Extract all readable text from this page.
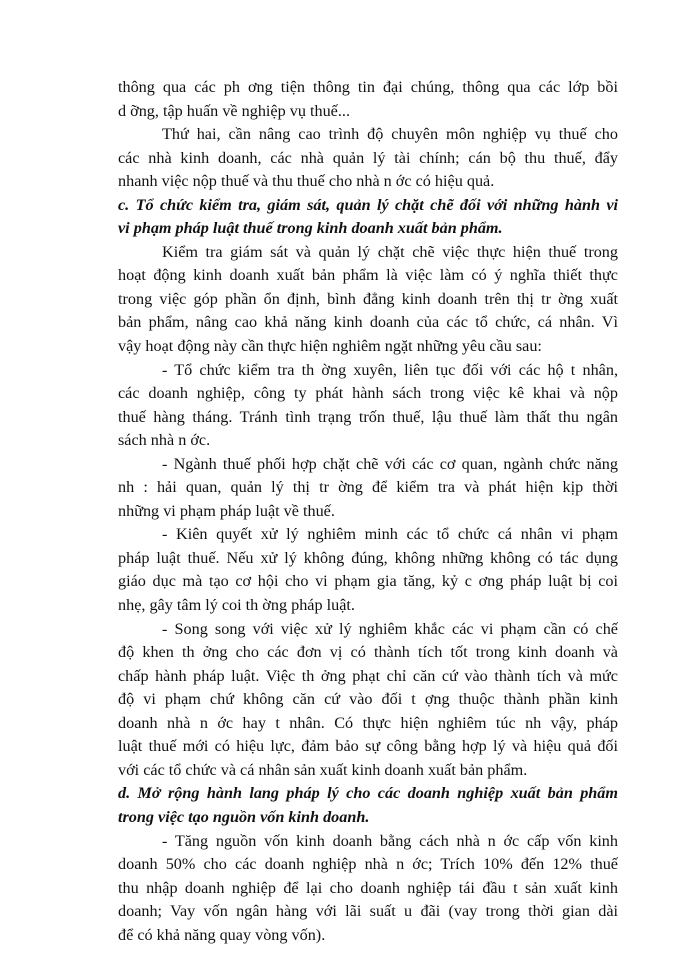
thông qua các ph ơng tiện thông tin đại chúng, thông qua các lớp bồi
d ỡng, tập huấn về nghiệp vụ thuế...
Thứ hai, cần nâng cao trình độ chuyên môn nghiệp vụ thuế cho
các nhà kinh doanh, các nhà quản lý tài chính; cán bộ thu thuế, đẩy
nhanh việc nộp thuế và thu thuế cho nhà n ớc có hiệu quả.
c. Tổ chức kiểm tra, giám sát, quản lý chặt chẽ đối với những hành vi
vi phạm pháp luật thuế trong kinh doanh xuất bản phẩm.
Kiểm tra giám sát và quản lý chặt chẽ việc thực hiện thuế trong
hoạt động kinh doanh xuất bản phẩm là việc làm có ý nghĩa thiết thực
trong việc góp phần ổn định, bình đẳng kinh doanh trên thị tr ờng xuất
bản phẩm, nâng cao khả năng kinh doanh của các tổ chức, cá nhân. Vì
vậy hoạt động này cần thực hiện nghiêm ngặt những yêu cầu sau:
- Tổ chức kiểm tra th ờng xuyên, liên tục đối với các hộ t nhân,
các doanh nghiệp, công ty phát hành sách trong việc kê khai và nộp
thuế hàng tháng. Tránh tình trạng trốn thuế, lậu thuế làm thất thu ngân
sách nhà n ớc.
- Ngành thuế phối hợp chặt chẽ với các cơ quan, ngành chức năng
nh : hải quan, quản lý thị tr ờng để kiểm tra và phát hiện kịp thời
những vi phạm pháp luật về thuế.
- Kiên quyết xử lý nghiêm minh các tổ chức cá nhân vi phạm
pháp luật thuế. Nếu xử lý không đúng, không những không có tác dụng
giáo dục mà tạo cơ hội cho vi phạm gia tăng, kỷ c ơng pháp luật bị coi
nhẹ, gây tâm lý coi th ờng pháp luật.
- Song song với việc xử lý nghiêm khắc các vi phạm cần có chế
độ khen th ởng cho các đơn vị có thành tích tốt trong kinh doanh và
chấp hành pháp luật. Việc th ởng phạt chỉ căn cứ vào thành tích và mức
độ vi phạm chứ không căn cứ vào đối t ợng thuộc thành phần kinh
doanh nhà n ớc hay t nhân. Có thực hiện nghiêm túc nh vậy, pháp
luật thuế mới có hiệu lực, đảm bảo sự công bằng hợp lý và hiệu quả đối
với các tổ chức và cá nhân sản xuất kinh doanh xuất bản phẩm.
d. Mở rộng hành lang pháp lý cho các doanh nghiệp xuất bản phẩm
trong việc tạo nguồn vốn kinh doanh.
- Tăng nguồn vốn kinh doanh bằng cách nhà n ớc cấp vốn kinh
doanh 50% cho các doanh nghiệp nhà n ớc; Trích 10% đến 12% thuế
thu nhập doanh nghiệp để lại cho doanh nghiệp tái đầu t sản xuất kinh
doanh; Vay vốn ngân hàng với lãi suất u đãi (vay trong thời gian dài
để có khả năng quay vòng vốn).
